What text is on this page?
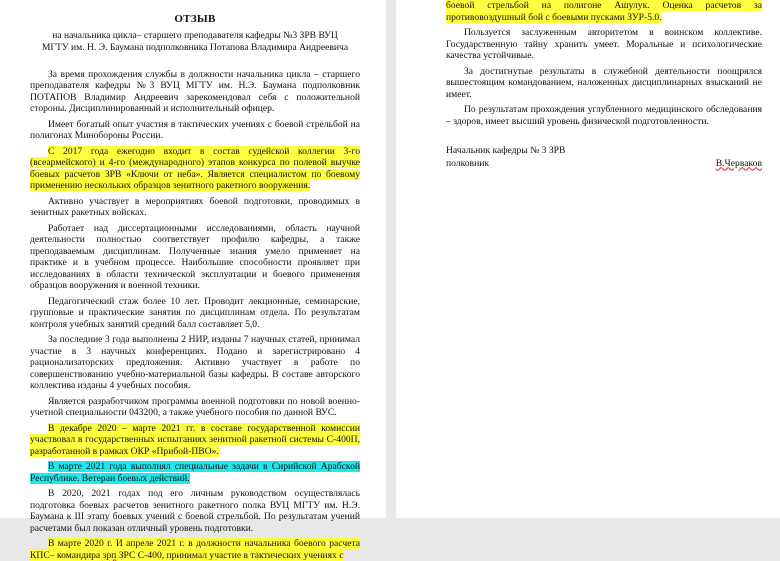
ОТЗЫВ
на начальника цикла– старшего преподавателя кафедры №3 ЗРВ ВУЦ
МГТУ им. Н. Э. Баумана подполковника Потапова Владимира Андреевича

За время прохождения службы в должности начальника цикла – старшего преподавателя кафедры №3 ВУЦ МГТУ им. Н.Э. Баумана подполковник ПОТАПОВ Владимир Андреевич зарекомендовал себя с положительной стороны. Дисциплинированный и исполнительный офицер.

Имеет богатый опыт участия в тактических учениях с боевой стрельбой на полигонах Минобороны России.

С 2017 года ежегодно входит в состав судейской коллегии 3-го (всеармейского) и 4-го (международного) этапов конкурса по полевой выучке боевых расчетов ЗРВ «Ключи от неба». Является специалистом по боевому применению нескольких образцов зенитного ракетного вооружения.

Активно участвует в мероприятиях боевой подготовки, проводимых в зенитных ракетных войсках.

Работает над диссертационными исследованиями, область научной деятельности полностью соответствует профилю кафедры, а также преподаваемым дисциплинам. Полученные знания умело применяет на практике и в учебном процессе. Наибольшие способности проявляет при исследованиях в области технической эксплуатации и боевого применения образцов вооружения и военной техники.

Педагогический стаж более 10 лет. Проводит лекционные, семинарские, групповые и практические занятия по дисциплинам отдела. По результатам контроля учебных занятий средний балл составляет 5,0.

За последние 3 года выполнены 2 НИР, изданы 7 научных статей, принимал участие в 3 научных конференциях. Подано и зарегистрировано 4 рационализаторских предложения. Активно участвует в работе по совершенствованию учебно-материальной базы кафедры. В составе авторского коллектива изданы 4 учебных пособия.

Является разработчиком программы военной подготовки по новой военно-учетной специальности 043200, а также учебного пособия по данной ВУС.

В декабре 2020 – марте 2021 гг. в составе государственной комиссии участвовал в государственных испытаниях зенитной ракетной системы С-400П, разработанной в рамках ОКР «Прибой-ПВО».

В марте 2021 года выполнял специальные задачи в Сирийской Арабской Республике. Ветеран боевых действий.

В 2020, 2021 годах под его личным руководством осуществлялась подготовка боевых расчетов зенитного ракетного полка ВУЦ МГТУ им. Н.Э. Баумана к III этапу боевых учений с боевой стрельбой. По результатам учений расчетами был показан отличный уровень подготовки.

В марте 2020 г. И апреле 2021 г. в должности начальника боевого расчета КПС– командира зрп ЗРС С-400, принимал участие в тактических учениях с

боевой стрельбой на полигоне Ашулук. Оценка расчетов за противовоздушный бой с боевыми пусками ЗУР-5.0.

Пользуется заслуженным авторитетом в воинском коллективе. Государственную тайну хранить умеет. Моральные и психологические качества устойчивые.

За достигнутые результаты в служебной деятельности поощрялся вышестоящим командованием, наложенных дисциплинарных взысканий не имеет.

По результатам прохождения углубленного медицинского обследования – здоров, имеет высший уровень физической подготовленности.

Начальник кафедры № 3 ЗРВ
полковник	В.Черваков
